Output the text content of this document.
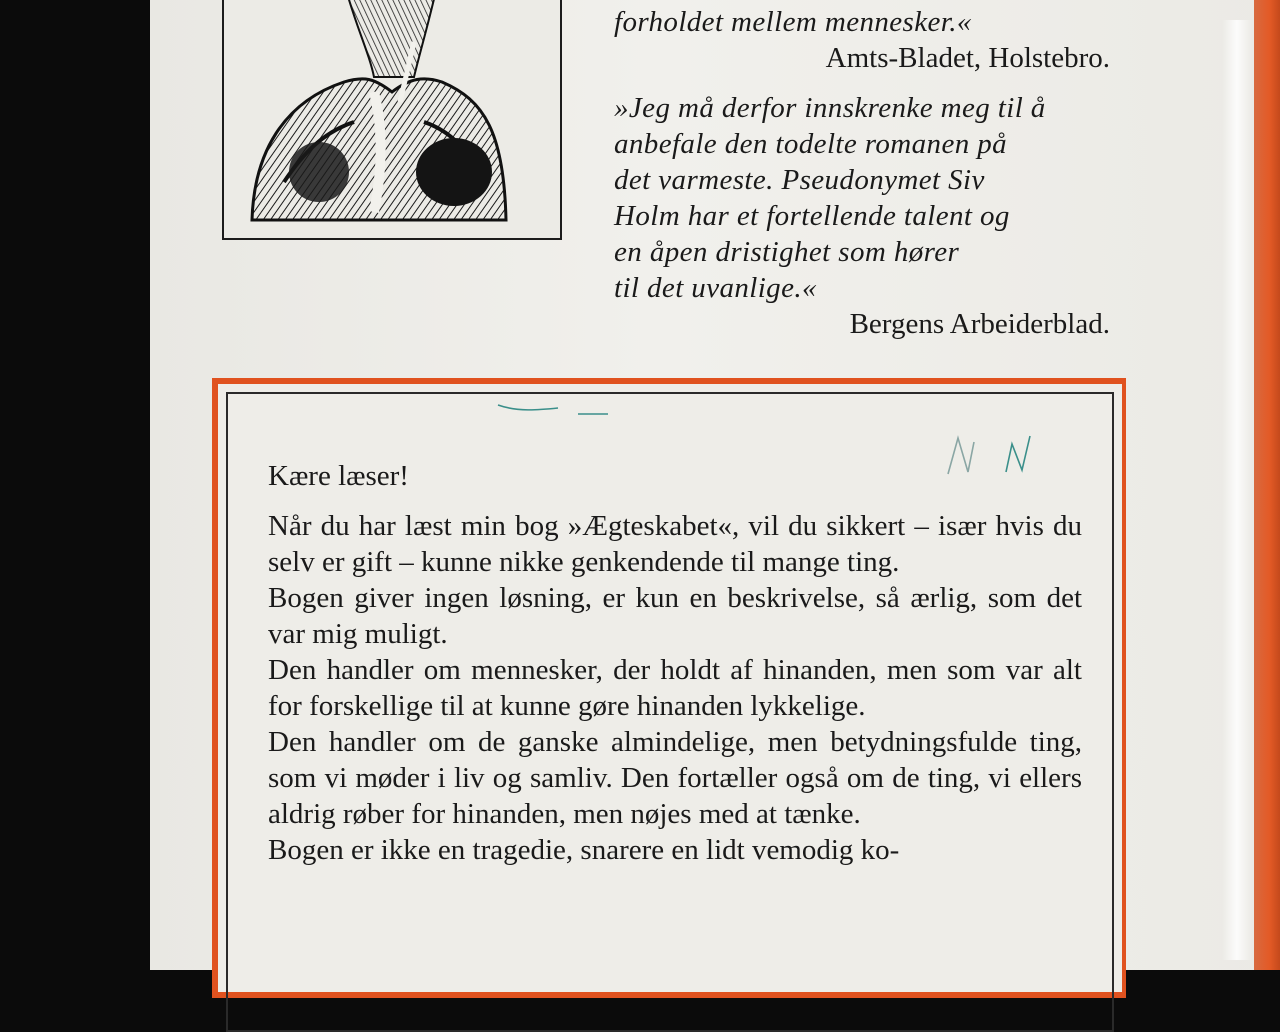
forholdet mellem mennesker.«
Amts-Bladet, Holstebro.
»Jeg må derfor innskrenke meg til å
anbefale den todelte romanen på
det varmeste. Pseudonymet Siv
Holm har et fortellende talent og
en åpen dristighet som hører
til det uvanlige.«
Bergens Arbeiderblad.

Kære læser!

Når du har læst min bog »Ægteskabet«, vil du sikkert – især hvis du selv er gift – kunne nikke genkendende til mange ting.

Bogen giver ingen løsning, er kun en beskrivelse, så ærlig, som det var mig muligt.

Den handler om mennesker, der holdt af hinanden, men som var alt for forskellige til at kunne gøre hinanden lykkelige.

Den handler om de ganske almindelige, men betydningsfulde ting, som vi møder i liv og samliv. Den fortæller også om de ting, vi ellers aldrig røber for hinanden, men nøjes med at tænke.

Bogen er ikke en tragedie, snarere en lidt vemodig ko-
